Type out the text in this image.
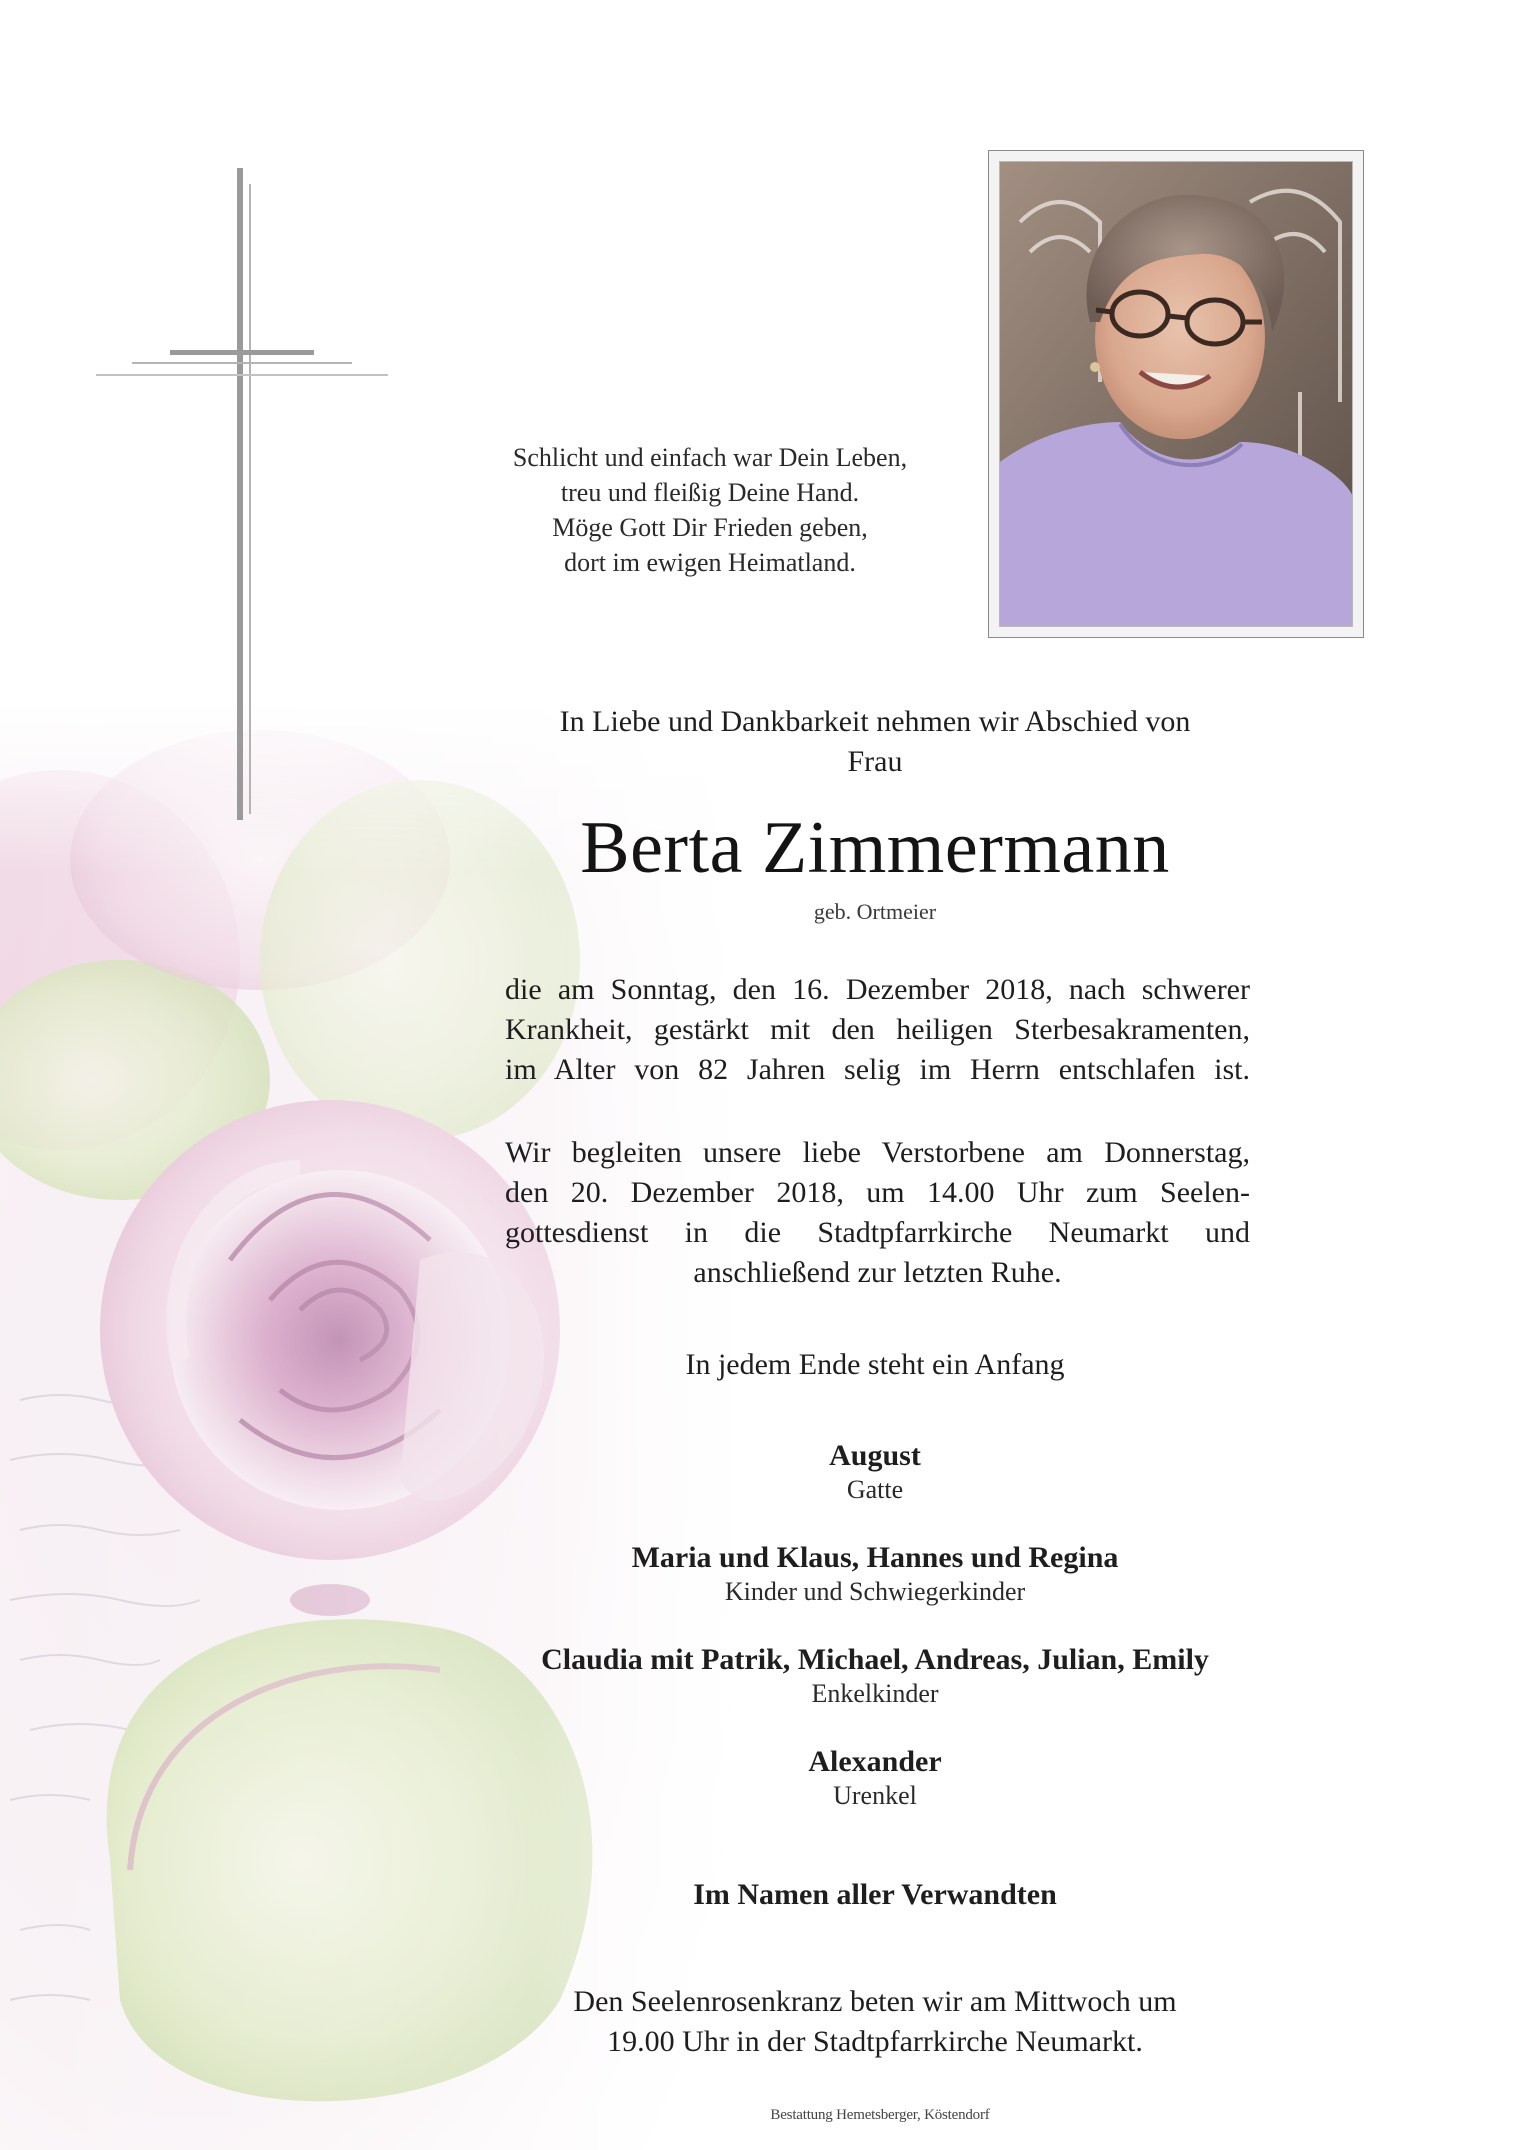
Schlicht und einfach war Dein Leben,
treu und fleißig Deine Hand.
Möge Gott Dir Frieden geben,
dort im ewigen Heimatland.
In Liebe und Dankbarkeit nehmen wir Abschied von
Frau
Berta Zimmermann
geb. Ortmeier
die am Sonntag, den 16. Dezember 2018, nach schwerer
Krankheit, gestärkt mit den heiligen Sterbesakramenten,
im Alter von 82 Jahren selig im Herrn entschlafen ist.
Wir begleiten unsere liebe Verstorbene am Donnerstag,
den 20. Dezember 2018, um 14.00 Uhr zum Seelen-
gottesdienst in die Stadtpfarrkirche Neumarkt und
anschließend zur letzten Ruhe.
In jedem Ende steht ein Anfang
August
Gatte
Maria und Klaus, Hannes und Regina
Kinder und Schwiegerkinder
Claudia mit Patrik, Michael, Andreas, Julian, Emily
Enkelkinder
Alexander
Urenkel
Im Namen aller Verwandten
Den Seelenrosenkranz beten wir am Mittwoch um
19.00 Uhr in der Stadtpfarrkirche Neumarkt.
Bestattung Hemetsberger, Köstendorf
